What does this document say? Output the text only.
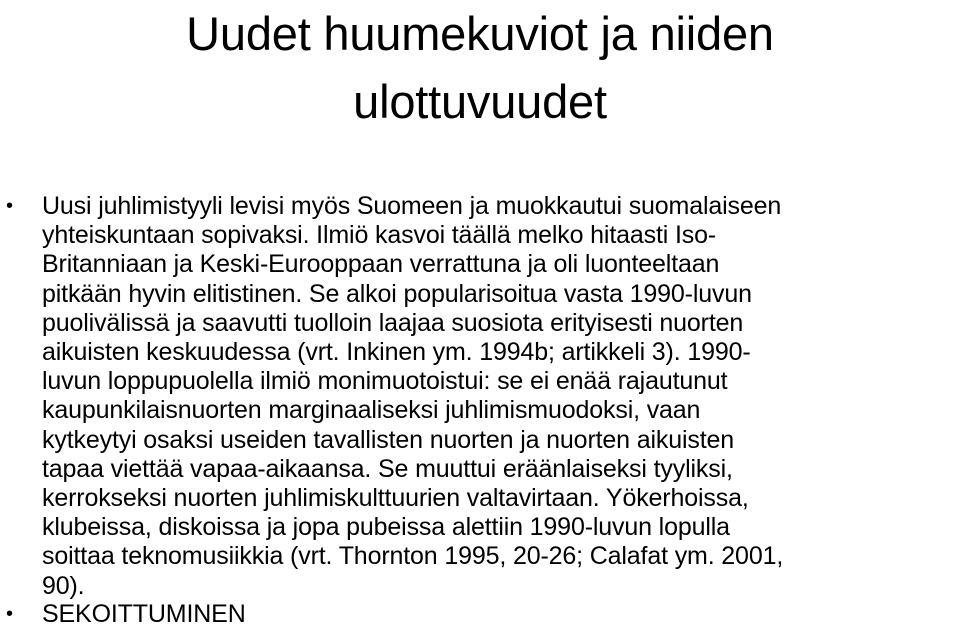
Uudet huumekuviot ja niiden
ulottuvuudet
• Uusi juhlimistyyli levisi myös Suomeen ja muokkautui suomalaiseen
yhteiskuntaan sopivaksi. Ilmiö kasvoi täällä melko hitaasti Iso-
Britanniaan ja Keski-Eurooppaan verrattuna ja oli luonteeltaan
pitkään hyvin elitistinen. Se alkoi popularisoitua vasta 1990-luvun
puolivälissä ja saavutti tuolloin laajaa suosiota erityisesti nuorten
aikuisten keskuudessa (vrt. Inkinen ym. 1994b; artikkeli 3). 1990-
luvun loppupuolella ilmiö monimuotoistui: se ei enää rajautunut
kaupunkilaisnuorten marginaaliseksi juhlimismuodoksi, vaan
kytkeytyi osaksi useiden tavallisten nuorten ja nuorten aikuisten
tapaa viettää vapaa-aikaansa. Se muuttui eräänlaiseksi tyyliksi,
kerrokseksi nuorten juhlimiskulttuurien valtavirtaan. Yökerhoissa,
klubeissa, diskoissa ja jopa pubeissa alettiin 1990-luvun lopulla
soittaa teknomusiikkia (vrt. Thornton 1995, 20-26; Calafat ym. 2001,
90).
• SEKOITTUMINEN
